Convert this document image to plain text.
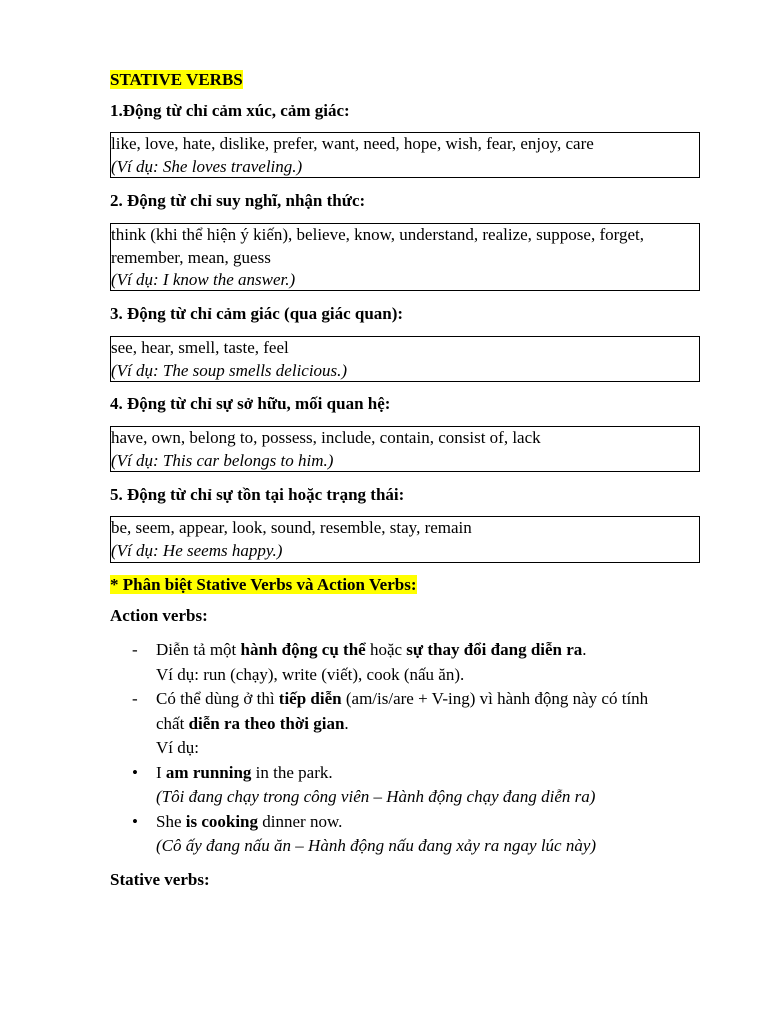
STATIVE VERBS
1.Động từ chỉ cảm xúc, cảm giác:
like, love, hate, dislike, prefer, want, need, hope, wish, fear, enjoy, care
(Ví dụ: She loves traveling.)
2. Động từ chỉ suy nghĩ, nhận thức:
think (khi thể hiện ý kiến), believe, know, understand, realize, suppose, forget,
remember, mean, guess
(Ví dụ: I know the answer.)
3. Động từ chỉ cảm giác (qua giác quan):
see, hear, smell, taste, feel
(Ví dụ: The soup smells delicious.)
4. Động từ chỉ sự sở hữu, mối quan hệ:
have, own, belong to, possess, include, contain, consist of, lack
(Ví dụ: This car belongs to him.)
5. Động từ chỉ sự tồn tại hoặc trạng thái:
be, seem, appear, look, sound, resemble, stay, remain
(Ví dụ: He seems happy.)
* Phân biệt Stative Verbs và Action Verbs:
Action verbs:
- Diễn tả một hành động cụ thể hoặc sự thay đổi đang diễn ra.
Ví dụ: run (chạy), write (viết), cook (nấu ăn).
- Có thể dùng ở thì tiếp diễn (am/is/are + V-ing) vì hành động này có tính
chất diễn ra theo thời gian.
Ví dụ:
• I am running in the park.
(Tôi đang chạy trong công viên – Hành động chạy đang diễn ra)
• She is cooking dinner now.
(Cô ấy đang nấu ăn – Hành động nấu đang xảy ra ngay lúc này)
Stative verbs:
